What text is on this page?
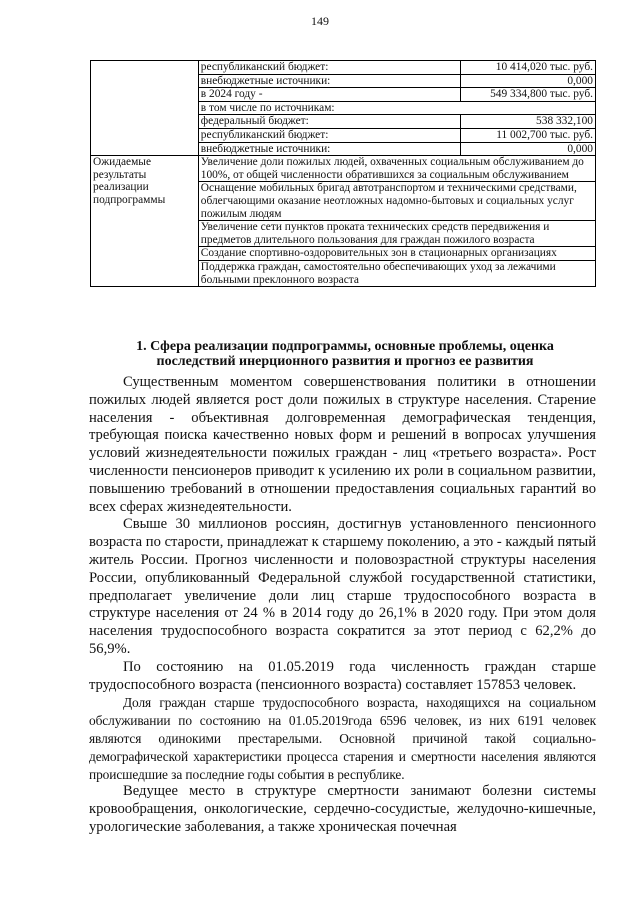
149
	республиканский бюджет:	10 414,020 тыс. руб.
	внебюджетные источники:	0,000
	в 2024 году -	549 334,800 тыс. руб.
	в том числе по источникам:	
	федеральный бюджет:	538 332,100
	республиканский бюджет:	11 002,700 тыс. руб.
	внебюджетные источники:	0,000
Ожидаемые результаты реализации подпрограммы	Увеличение доли пожилых людей, охваченных социальным обслуживанием до 100%, от общей численности обратившихся за социальным обслуживанием	
	Оснащение мобильных бригад автотранспортом и техническими средствами, облегчающими оказание неотложных надомно-бытовых и социальных услуг пожилым людям	
	Увеличение сети пунктов проката технических средств передвижения и предметов длительного пользования для граждан пожилого возраста	
	Создание спортивно-оздоровительных зон в стационарных организациях	
	Поддержка граждан, самостоятельно обеспечивающих уход за лежачими больными преклонного возраста	
1. Сфера реализации подпрограммы, основные проблемы, оценка последствий инерционного развития и прогноз ее развития

Существенным моментом совершенствования политики в отношении пожилых людей является рост доли пожилых в структуре населения. Старение населения - объективная долговременная демографическая тенденция, требующая поиска качественно новых форм и решений в вопросах улучшения условий жизнедеятельности пожилых граждан - лиц «третьего возраста». Рост численности пенсионеров приводит к усилению их роли в социальном развитии, повышению требований в отношении предоставления социальных гарантий во всех сферах жизнедеятельности.

Свыше 30 миллионов россиян, достигнув установленного пенсионного возраста по старости, принадлежат к старшему поколению, а это - каждый пятый житель России. Прогноз численности и половозрастной структуры населения России, опубликованный Федеральной службой государственной статистики, предполагает увеличение доли лиц старше трудоспособного возраста в структуре населения от 24 % в 2014 году до 26,1% в 2020 году. При этом доля населения трудоспособного возраста сократится за этот период с 62,2% до 56,9%.

По состоянию на 01.05.2019 года численность граждан старше трудоспособного возраста (пенсионного возраста) составляет 157853 человек.

Доля граждан старше трудоспособного возраста, находящихся на социальном обслуживании по состоянию на 01.05.2019года 6596 человек, из них 6191 человек являются одинокими престарелыми. Основной причиной такой социально-демографической характеристики процесса старения и смертности населения являются происшедшие за последние годы события в республике.

Ведущее место в структуре смертности занимают болезни системы кровообращения, онкологические, сердечно-сосудистые, желудочно-кишечные, урологические заболевания, а также хроническая почечная
